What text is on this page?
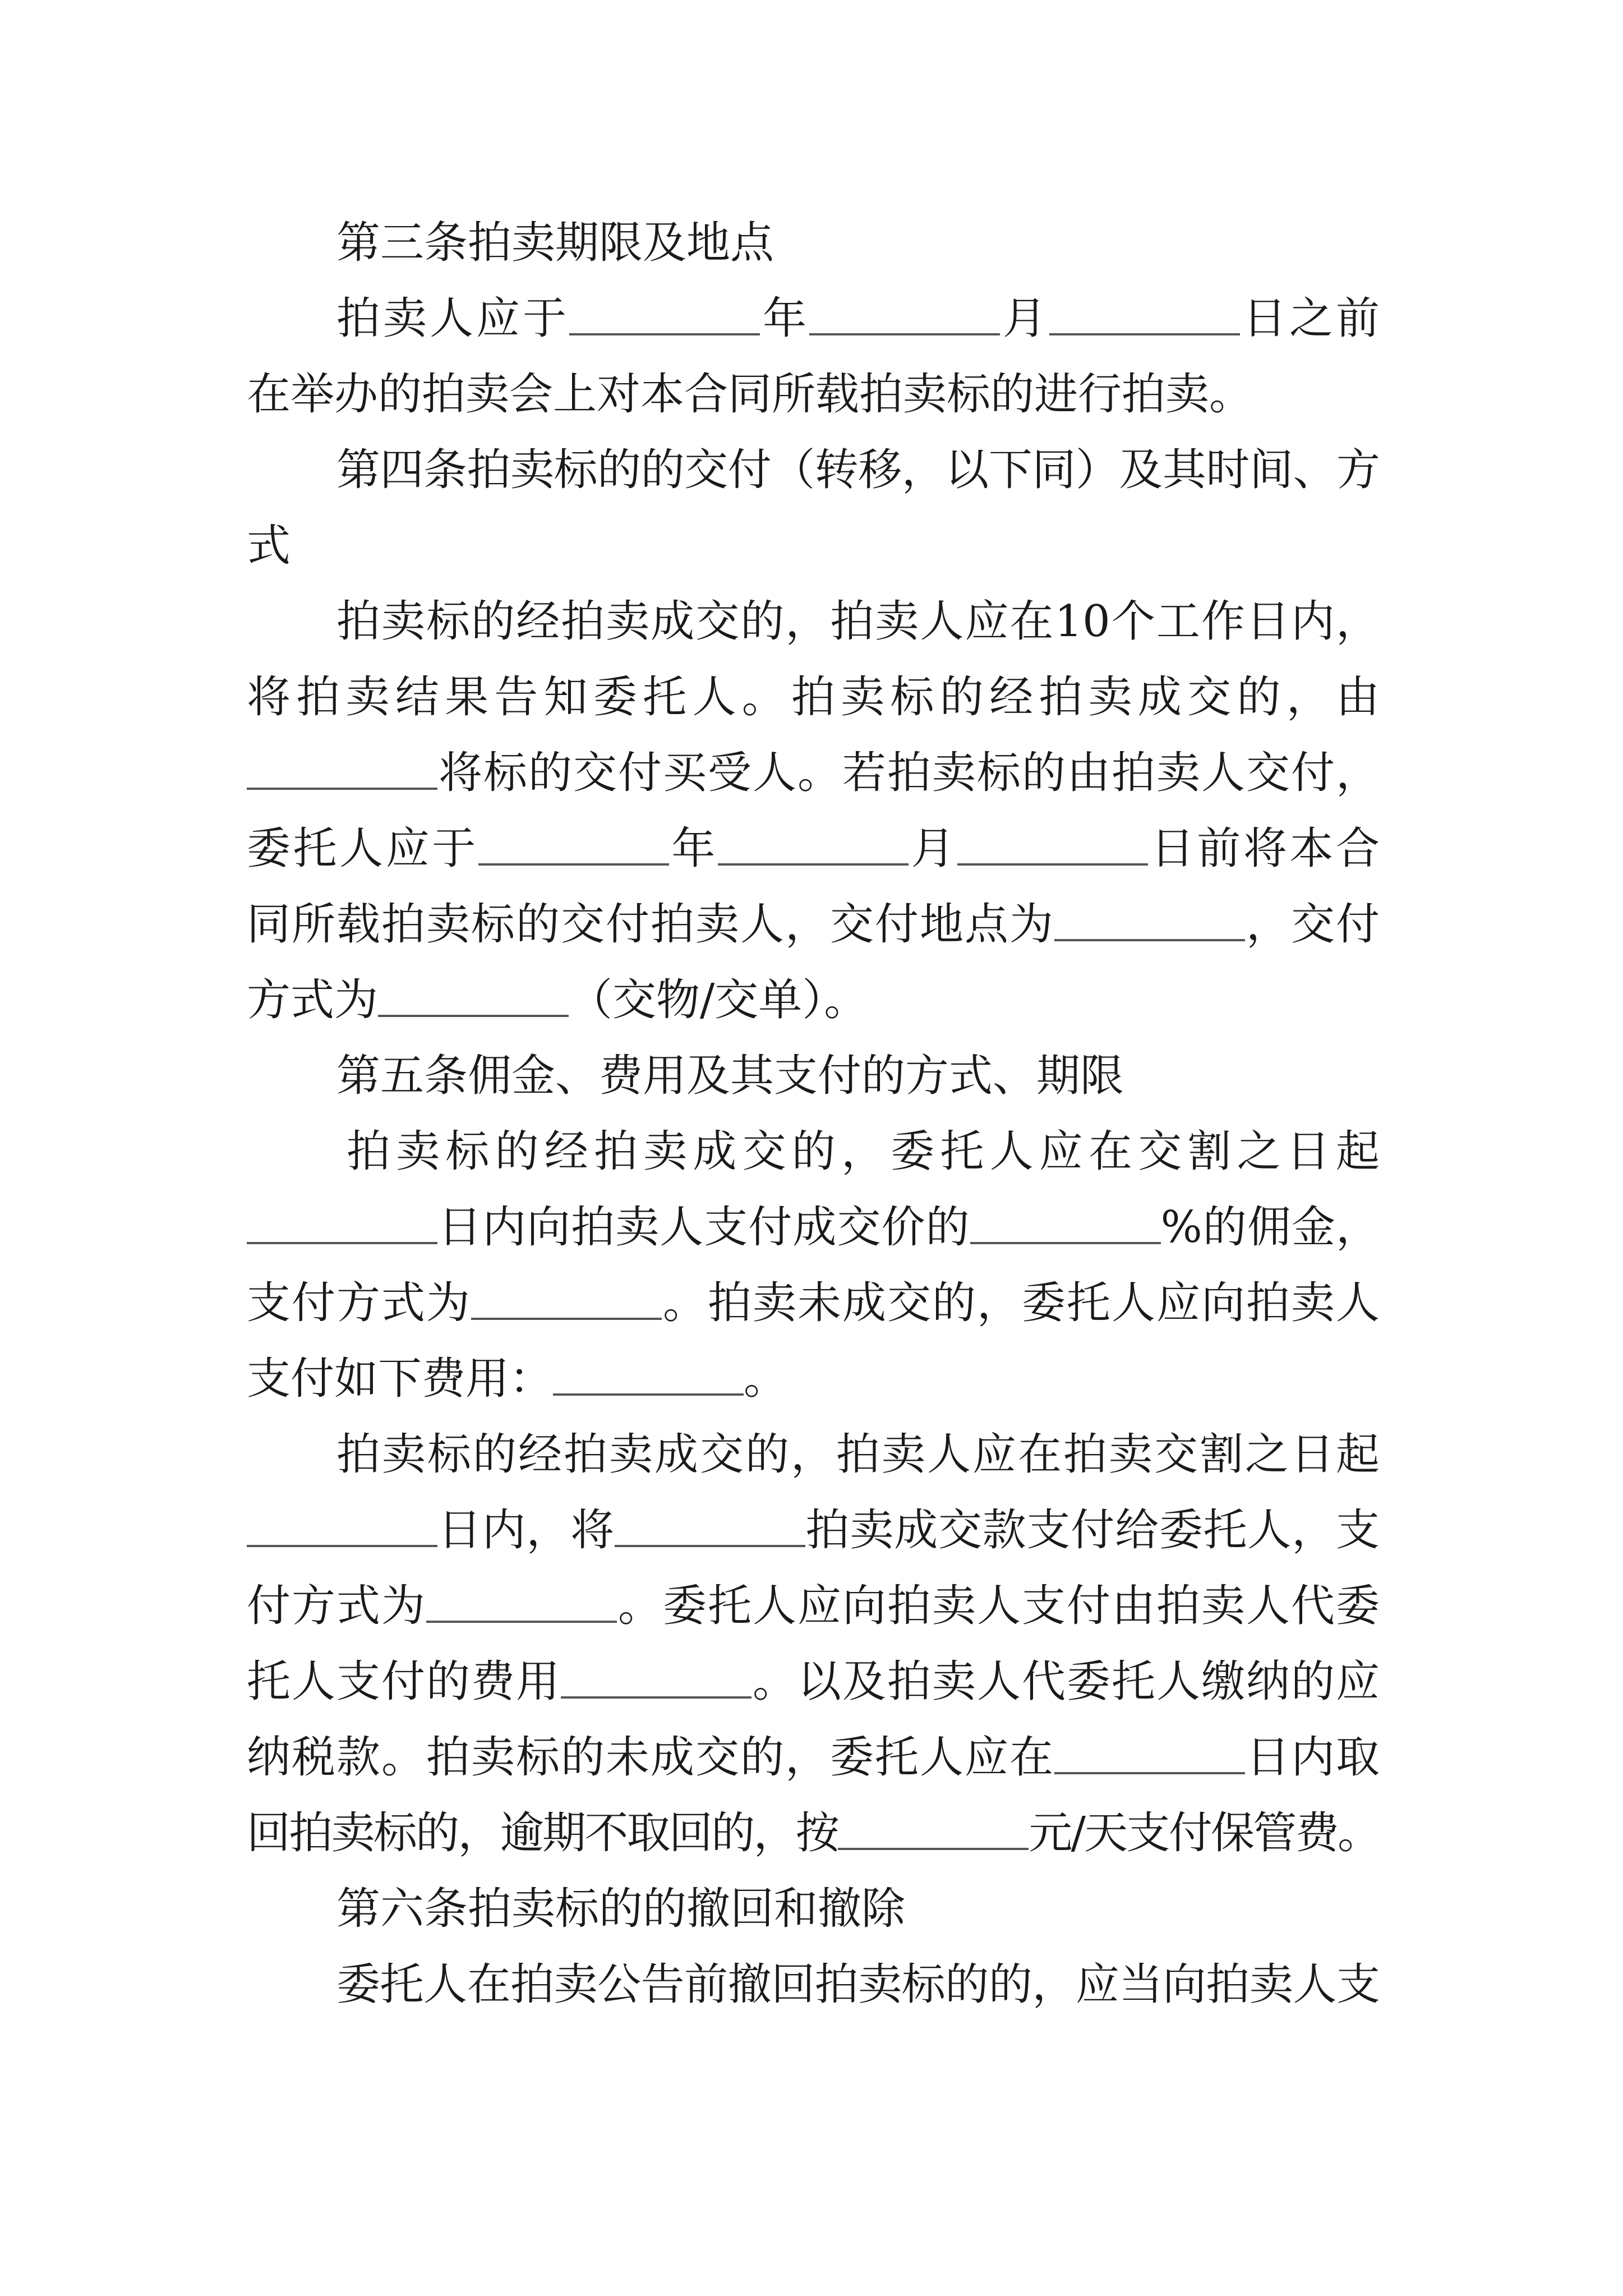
第三条拍卖期限及地点
拍卖人应于	年	月	日之前
在举办的拍卖会上对本合同所载拍卖标的进行拍卖。
第四条拍卖标的的交付（转移，以下同）及其时间、方
式
拍卖标的经拍卖成交的，拍卖人应在10个工作日内，
将拍卖结果告知委托人。拍卖标的经拍卖成交的，由
将标的交付买受人。若拍卖标的由拍卖人交付，
委托人应于	年	月	日前将本合
同所载拍卖标的交付拍卖人，交付地点为	，交付
方式为	（交物/交单）。
第五条佣金、费用及其支付的方式、期限
拍卖标的经拍卖成交的，委托人应在交割之日起
日内向拍卖人支付成交价的	%的佣金，
支付方式为	。拍卖未成交的，委托人应向拍卖人
支付如下费用：	。
拍卖标的经拍卖成交的，拍卖人应在拍卖交割之日起
日内，将	拍卖成交款支付给委托人，支
付方式为	。委托人应向拍卖人支付由拍卖人代委
托人支付的费用	。以及拍卖人代委托人缴纳的应
纳税款。拍卖标的未成交的，委托人应在	日内取
回拍卖标的，逾期不取回的，按	元/天支付保管费。
第六条拍卖标的的撤回和撤除
委托人在拍卖公告前撤回拍卖标的的，应当向拍卖人支
